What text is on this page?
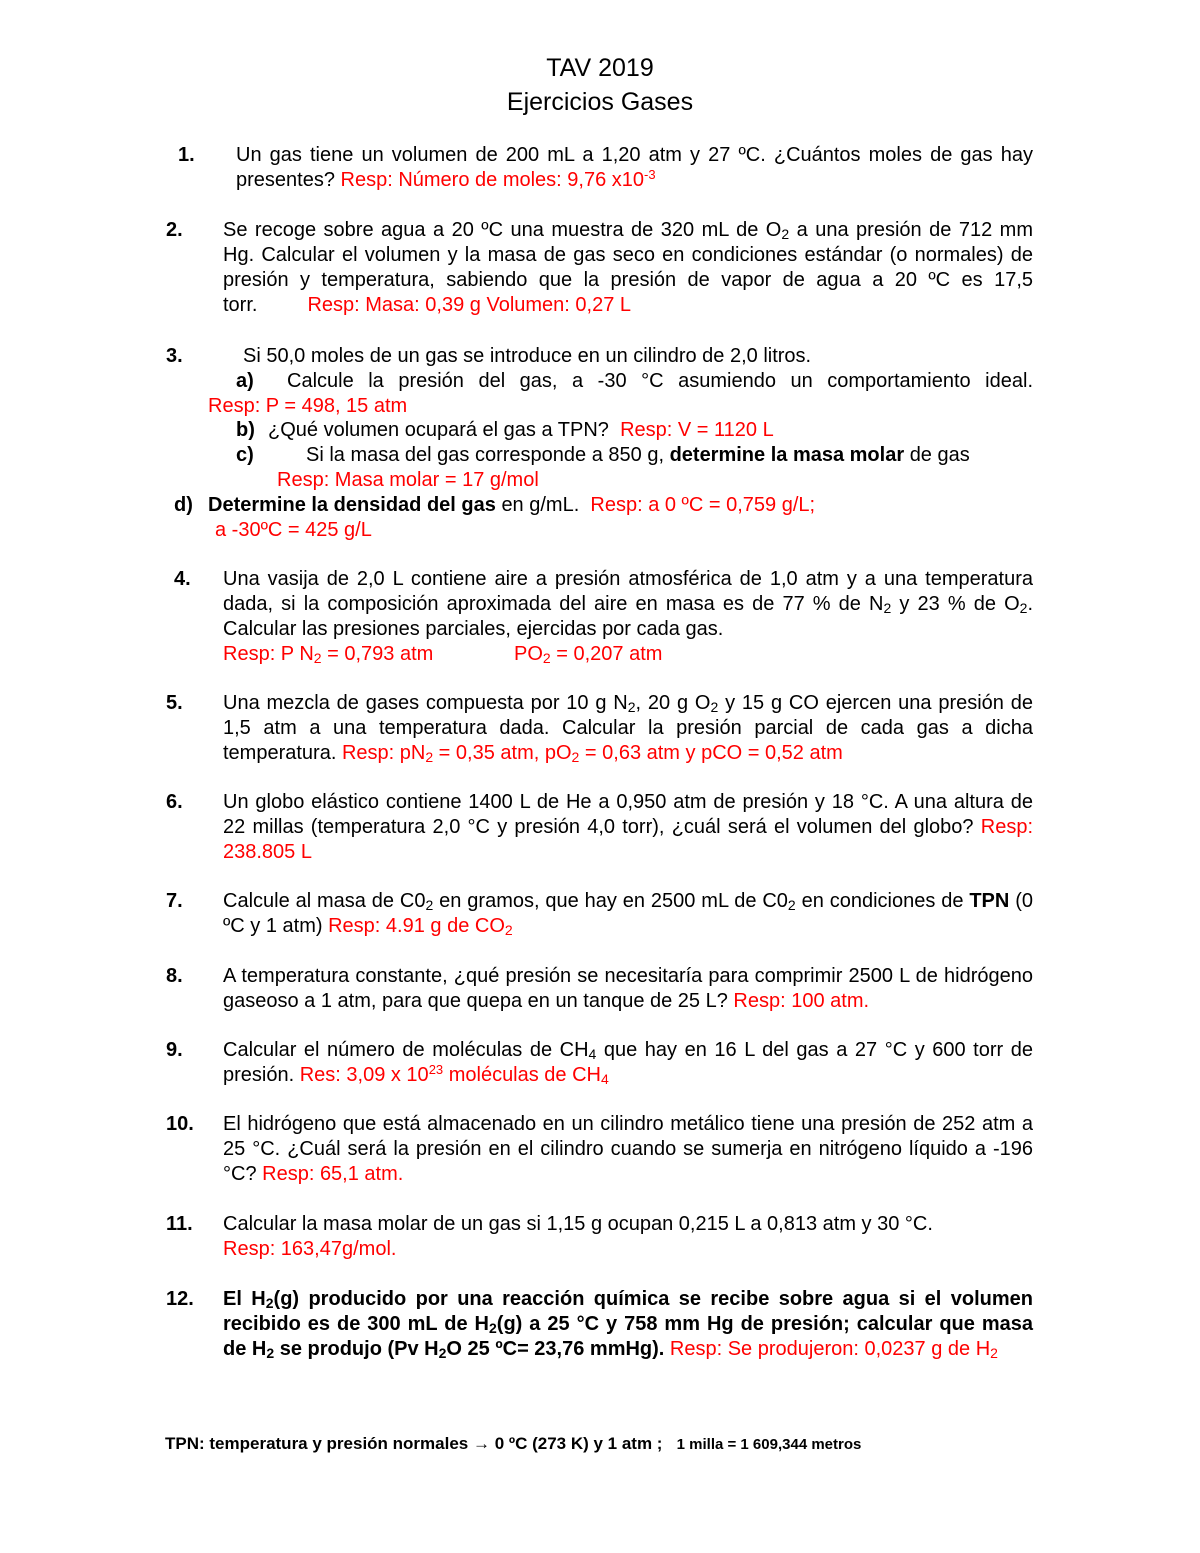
TAV 2019
Ejercicios Gases
1. Un gas tiene un volumen de 200 mL a 1,20 atm y 27 ºC. ¿Cuántos moles de gas hay presentes? Resp: Número de moles: 9,76 $x10^{-3}$
2. Se recoge sobre agua a 20 ºC una muestra de 320 mL de $O_2$ a una presión de 712 mm Hg. Calcular el volumen y la masa de gas seco en condiciones estándar (o normales) de presión y temperatura, sabiendo que la presión de vapor de agua a 20 ºC es 17,5 torr.	Resp: Masa: 0,39 g Volumen: 0,27 L
3.	Si 50,0 moles de un gas se introduce en un cilindro de 2,0 litros.
a) Calcule la presión del gas, a -30 °C asumiendo un comportamiento ideal.
Resp: P = 498, 15 atm
b) ¿Qué volumen ocupará el gas a TPN? Resp: V = 1120 L
c)	Si la masa del gas corresponde a 850 g, determine la masa molar de gas
Resp: Masa molar = 17 g/mol
d) Determine la densidad del gas en g/mL. Resp: a 0 ºC = 0,759 g/L;
a -30ºC = 425 g/L
4. Una vasija de 2,0 L contiene aire a presión atmosférica de 1,0 atm y a una temperatura dada, si la composición aproximada del aire en masa es de 77 % de $N_2$ y 23 % de $O_2$. Calcular las presiones parciales, ejercidas por cada gas.
Resp: P $N_2 = 0,793$ atm	$PO_2 = 0,207$ atm
5. Una mezcla de gases compuesta por 10 g $N_2$, 20 g $O_2$ y 15 g CO ejercen una presión de 1,5 atm a una temperatura dada. Calcular la presión parcial de cada gas a dicha temperatura. Resp: $pN_2 = 0,35$ atm, $pO_2 = 0,63$ atm y pCO = 0,52 atm
6. Un globo elástico contiene 1400 L de He a 0,950 atm de presión y 18 °C. A una altura de 22 millas (temperatura 2,0 °C y presión 4,0 torr), ¿cuál será el volumen del globo? Resp: 238.805 L
7. Calcule al masa de $C0_2$ en gramos, que hay en 2500 mL de $C0_2$ en condiciones de TPN (0 ºC y 1 atm) Resp: 4.91 g de $CO_2$
8. A temperatura constante, ¿qué presión se necesitaría para comprimir 2500 L de hidrógeno gaseoso a 1 atm, para que quepa en un tanque de 25 L? Resp: 100 atm.
9. Calcular el número de moléculas de $CH_4$ que hay en 16 L del gas a 27 °C y 600 torr de presión. Res: 3,09 x $10^{23}$ moléculas de $CH_4$
10. El hidrógeno que está almacenado en un cilindro metálico tiene una presión de 252 atm a 25 °C. ¿Cuál será la presión en el cilindro cuando se sumerja en nitrógeno líquido a -196 °C? Resp: 65,1 atm.
11. Calcular la masa molar de un gas si 1,15 g ocupan 0,215 L a 0,813 atm y 30 °C.
Resp: 163,47g/mol.
12. El $H_2(g)$ producido por una reacción química se recibe sobre agua si el volumen recibido es de 300 mL de $H_2(g)$ a 25 °C y 758 mm Hg de presión; calcular que masa de $H_2$ se produjo (Pv $H_2O$ 25 ºC= 23,76 mmHg). Resp: Se produjeron: 0,0237 g de $H_2$
TPN: temperatura y presión normales → 0 ºC (273 K) y 1 atm ; 1 milla = 1 609,344 metros
